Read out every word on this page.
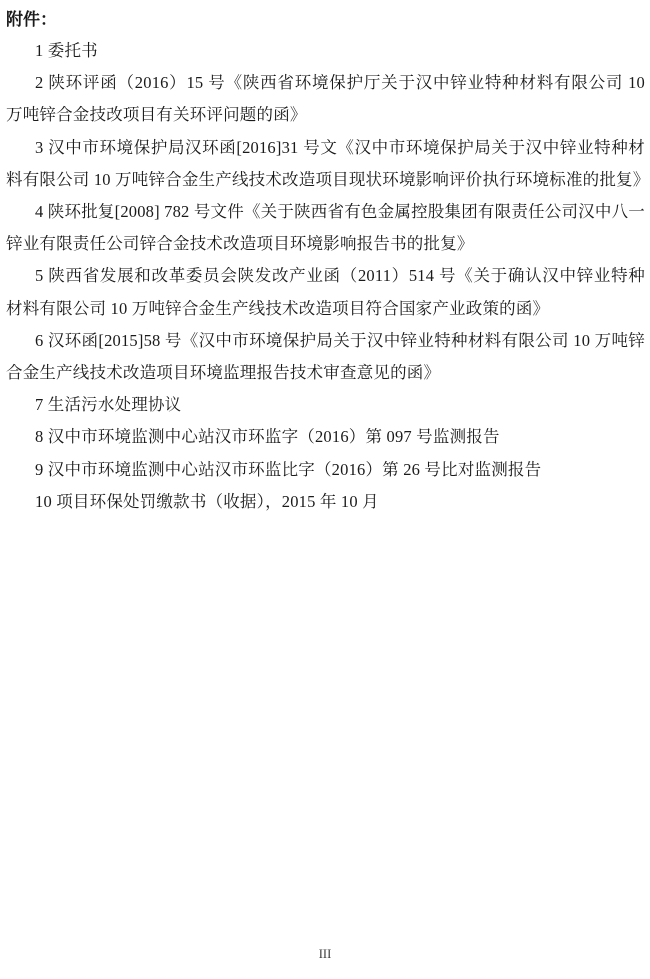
附件：

1 委托书

2 陕环评函（2016）15 号《陕西省环境保护厅关于汉中锌业特种材料有限公司 10 万吨锌合金技改项目有关环评问题的函》

3 汉中市环境保护局汉环函[2016]31 号文《汉中市环境保护局关于汉中锌业特种材料有限公司 10 万吨锌合金生产线技术改造项目现状环境影响评价执行环境标准的批复》

4 陕环批复[2008] 782 号文件《关于陕西省有色金属控股集团有限责任公司汉中八一锌业有限责任公司锌合金技术改造项目环境影响报告书的批复》

5 陕西省发展和改革委员会陕发改产业函（2011）514 号《关于确认汉中锌业特种材料有限公司 10 万吨锌合金生产线技术改造项目符合国家产业政策的函》

6 汉环函[2015]58 号《汉中市环境保护局关于汉中锌业特种材料有限公司 10 万吨锌合金生产线技术改造项目环境监理报告技术审查意见的函》

7 生活污水处理协议

8 汉中市环境监测中心站汉市环监字（2016）第 097 号监测报告

9 汉中市环境监测中心站汉市环监比字（2016）第 26 号比对监测报告

10 项目环保处罚缴款书（收据），2015 年 10 月

III
